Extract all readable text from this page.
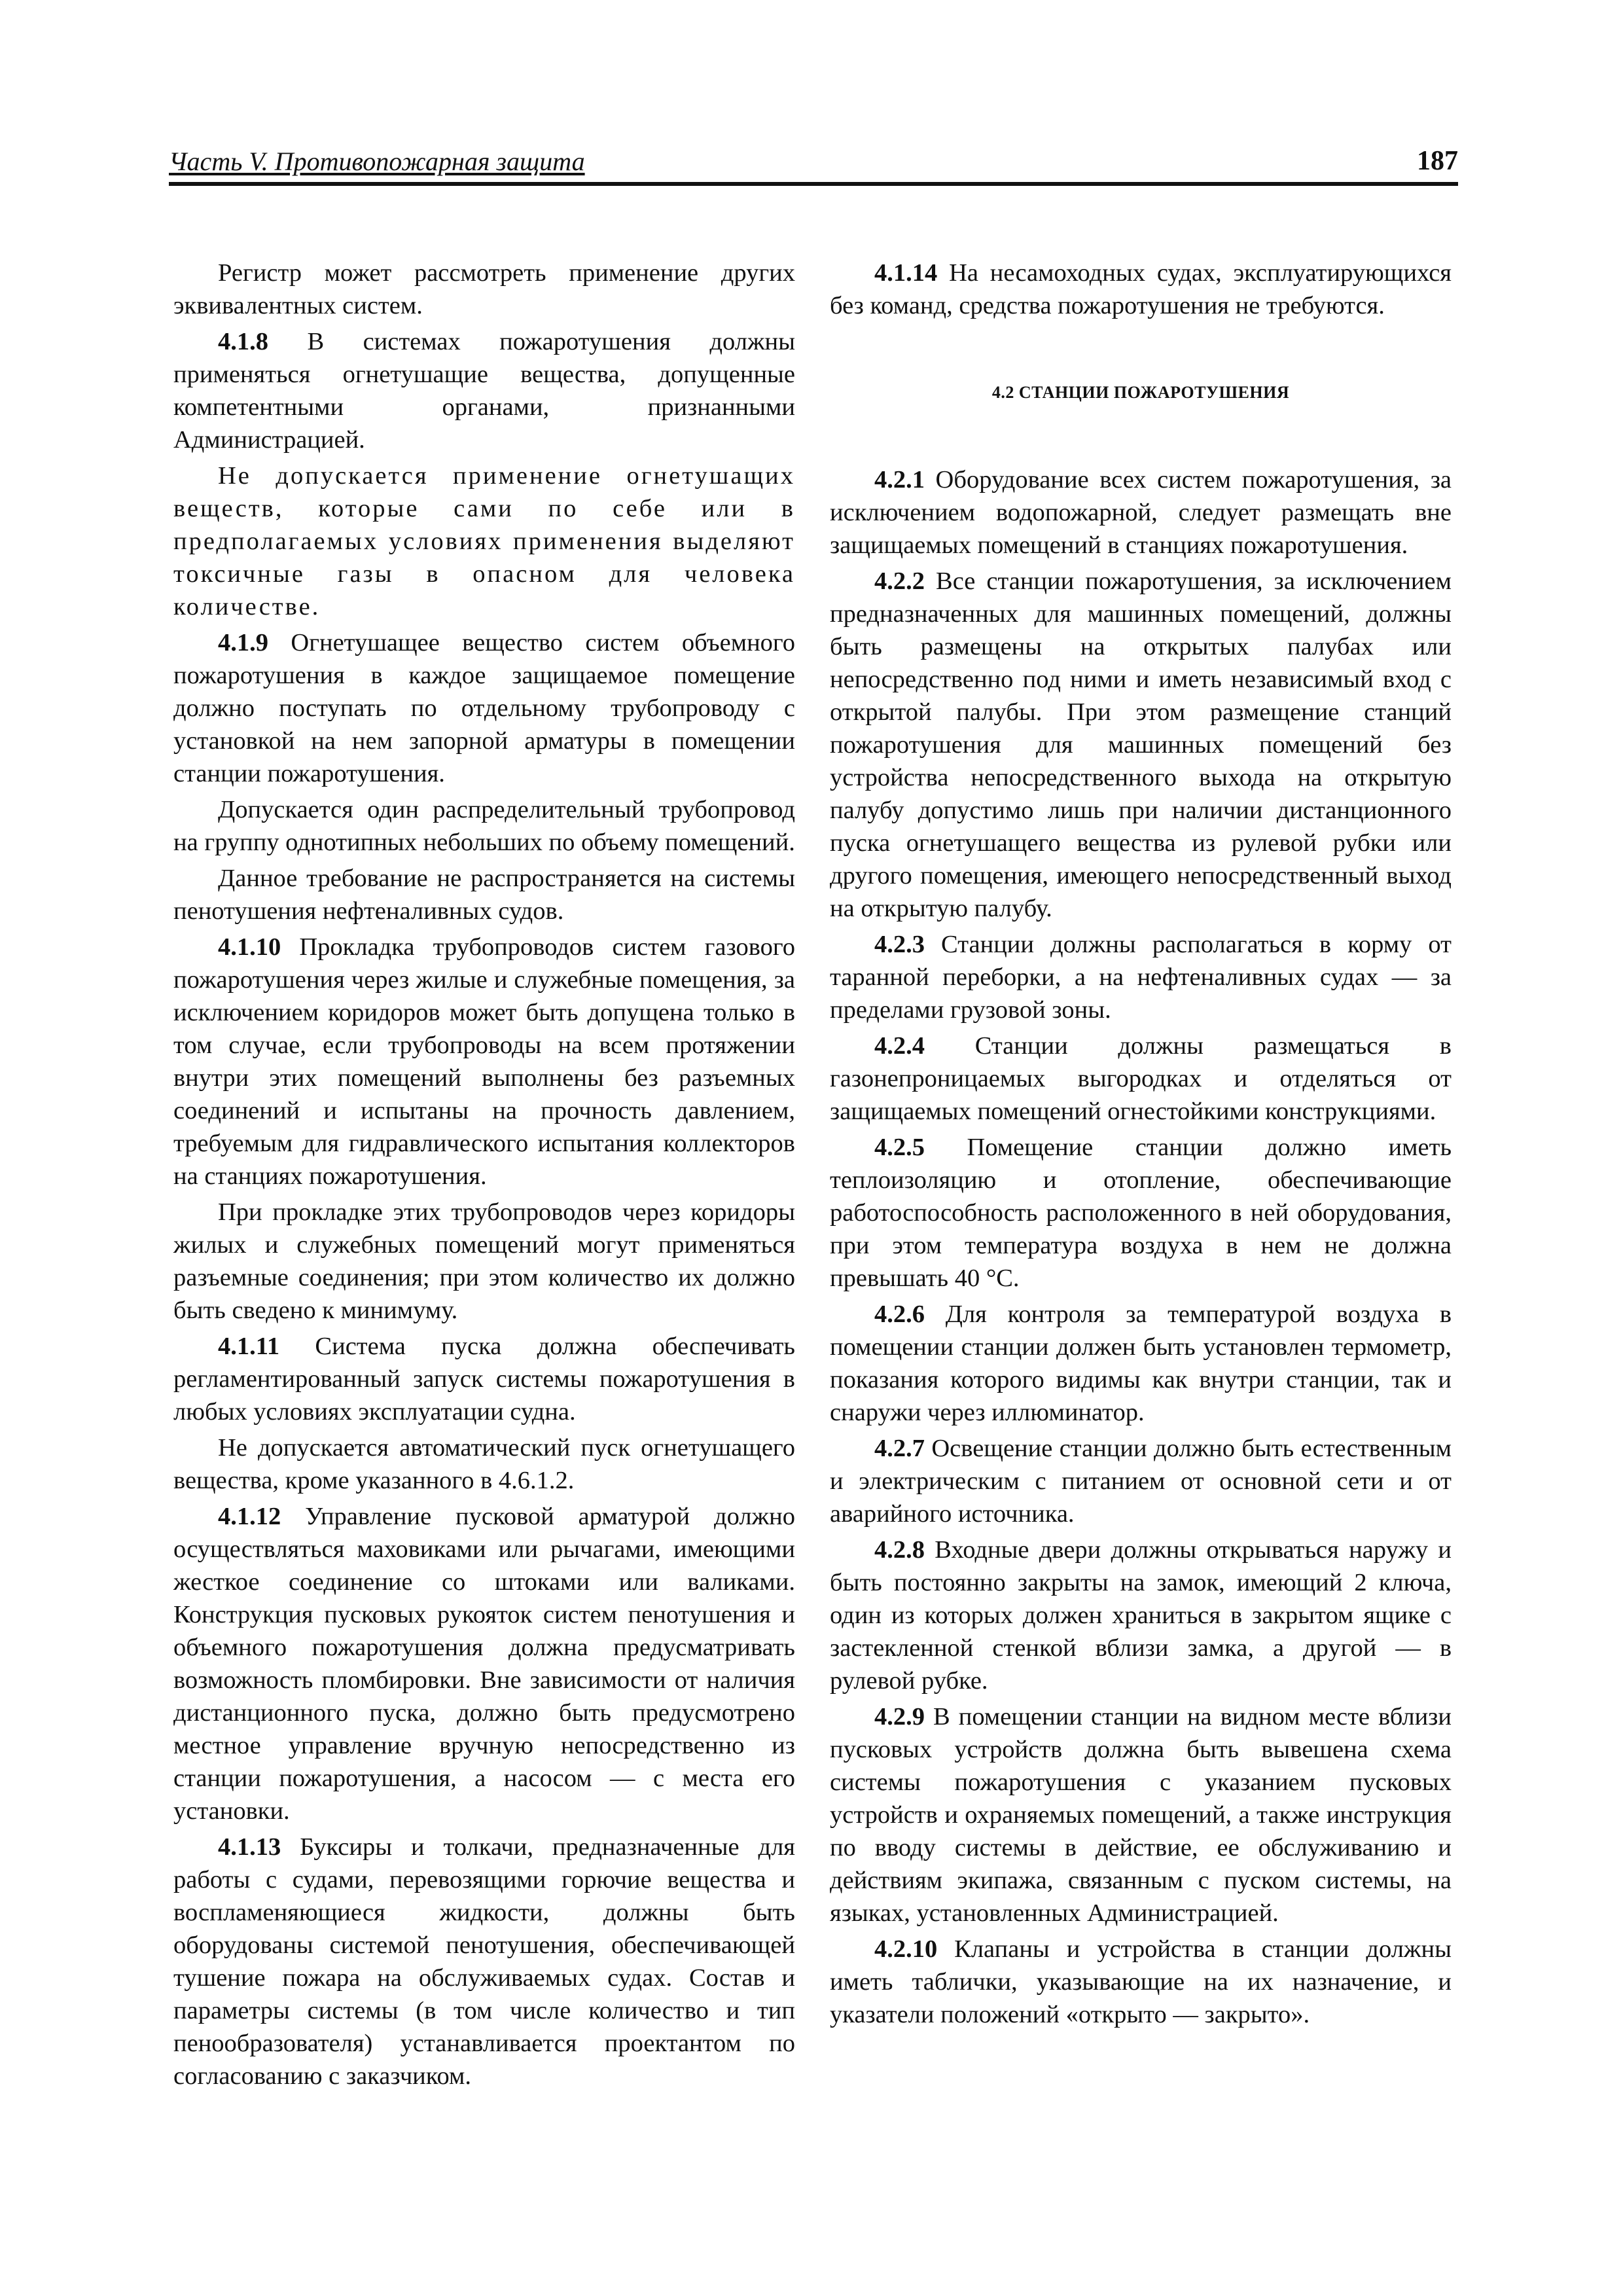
Часть V. Противопожарная защита	187

Регистр может рассмотреть применение других эквивалентных систем.

4.1.8 В системах пожаротушения должны применяться огнетушащие вещества, допущенные компетентными органами, признанными Администрацией.

Не допускается применение огнетушащих веществ, которые сами по себе или в предполагаемых условиях применения выделяют токсичные газы в опасном для человека количестве.

4.1.9 Огнетушащее вещество систем объемного пожаротушения в каждое защищаемое помещение должно поступать по отдельному трубопроводу с установкой на нем запорной арматуры в помещении станции пожаротушения.

Допускается один распределительный трубопровод на группу однотипных небольших по объему помещений.

Данное требование не распространяется на системы пенотушения нефтеналивных судов.

4.1.10 Прокладка трубопроводов систем газового пожаротушения через жилые и служебные помещения, за исключением коридоров может быть допущена только в том случае, если трубопроводы на всем протяжении внутри этих помещений выполнены без разъемных соединений и испытаны на прочность давлением, требуемым для гидравлического испытания коллекторов на станциях пожаротушения.

При прокладке этих трубопроводов через коридоры жилых и служебных помещений могут применяться разъемные соединения; при этом количество их должно быть сведено к минимуму.

4.1.11 Система пуска должна обеспечивать регламентированный запуск системы пожаротушения в любых условиях эксплуатации судна.

Не допускается автоматический пуск огнетушащего вещества, кроме указанного в 4.6.1.2.

4.1.12 Управление пусковой арматурой должно осуществляться маховиками или рычагами, имеющими жесткое соединение со штоками или валиками. Конструкция пусковых рукояток систем пенотушения и объемного пожаротушения должна предусматривать возможность пломбировки. Вне зависимости от наличия дистанционного пуска, должно быть предусмотрено местное управление вручную непосредственно из станции пожаротушения, а насосом — с места его установки.

4.1.13 Буксиры и толкачи, предназначенные для работы с судами, перевозящими горючие вещества и воспламеняющиеся жидкости, должны быть оборудованы системой пенотушения, обеспечивающей тушение пожара на обслуживаемых судах. Состав и параметры системы (в том числе количество и тип пенообразователя) устанавливается проектантом по согласованию с заказчиком.

4.1.14 На несамоходных судах, эксплуатирующихся без команд, средства пожаротушения не требуются.

4.2 СТАНЦИИ ПОЖАРОТУШЕНИЯ

4.2.1 Оборудование всех систем пожаротушения, за исключением водопожарной, следует размещать вне защищаемых помещений в станциях пожаротушения.

4.2.2 Все станции пожаротушения, за исключением предназначенных для машинных помещений, должны быть размещены на открытых палубах или непосредственно под ними и иметь независимый вход с открытой палубы. При этом размещение станций пожаротушения для машинных помещений без устройства непосредственного выхода на открытую палубу допустимо лишь при наличии дистанционного пуска огнетушащего вещества из рулевой рубки или другого помещения, имеющего непосредственный выход на открытую палубу.

4.2.3 Станции должны располагаться в корму от таранной переборки, а на нефтеналивных судах — за пределами грузовой зоны.

4.2.4 Станции должны размещаться в газонепроницаемых выгородках и отделяться от защищаемых помещений огнестойкими конструкциями.

4.2.5 Помещение станции должно иметь теплоизоляцию и отопление, обеспечивающие работоспособность расположенного в ней оборудования, при этом температура воздуха в нем не должна превышать 40 °С.

4.2.6 Для контроля за температурой воздуха в помещении станции должен быть установлен термометр, показания которого видимы как внутри станции, так и снаружи через иллюминатор.

4.2.7 Освещение станции должно быть естественным и электрическим с питанием от основной сети и от аварийного источника.

4.2.8 Входные двери должны открываться наружу и быть постоянно закрыты на замок, имеющий 2 ключа, один из которых должен храниться в закрытом ящике с застекленной стенкой вблизи замка, а другой — в рулевой рубке.

4.2.9 В помещении станции на видном месте вблизи пусковых устройств должна быть вывешена схема системы пожаротушения с указанием пусковых устройств и охраняемых помещений, а также инструкция по вводу системы в действие, ее обслуживанию и действиям экипажа, связанным с пуском системы, на языках, установленных Администрацией.

4.2.10 Клапаны и устройства в станции должны иметь таблички, указывающие на их назначение, и указатели положений «открыто — закрыто».
